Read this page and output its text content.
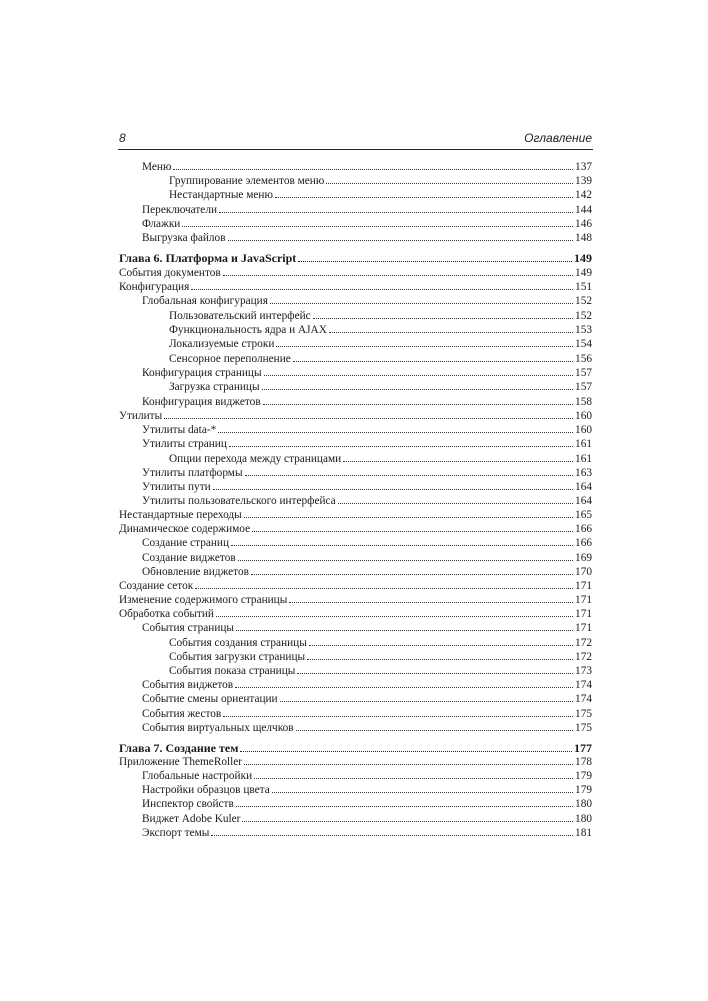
8	Оглавление
Меню	137
Группирование элементов меню	139
Нестандартные меню	142
Переключатели	144
Флажки	146
Выгрузка файлов	148
Глава 6. Платформа и JavaScript	149
События документов	149
Конфигурация	151
Глобальная конфигурация	152
Пользовательский интерфейс	152
Функциональность ядра и AJAX	153
Локализуемые строки	154
Сенсорное переполнение	156
Конфигурация страницы	157
Загрузка страницы	157
Конфигурация виджетов	158
Утилиты	160
Утилиты data-*	160
Утилиты страниц	161
Опции перехода между страницами	161
Утилиты платформы	163
Утилиты пути	164
Утилиты пользовательского интерфейса	164
Нестандартные переходы	165
Динамическое содержимое	166
Создание страниц	166
Создание виджетов	169
Обновление виджетов	170
Создание сеток	171
Изменение содержимого страницы	171
Обработка событий	171
События страницы	171
События создания страницы	172
События загрузки страницы	172
События показа страницы	173
События виджетов	174
Событие смены ориентации	174
События жестов	175
События виртуальных щелчков	175
Глава 7. Создание тем	177
Приложение ThemeRoller	178
Глобальные настройки	179
Настройки образцов цвета	179
Инспектор свойств	180
Виджет Adobe Kuler	180
Экспорт темы	181
